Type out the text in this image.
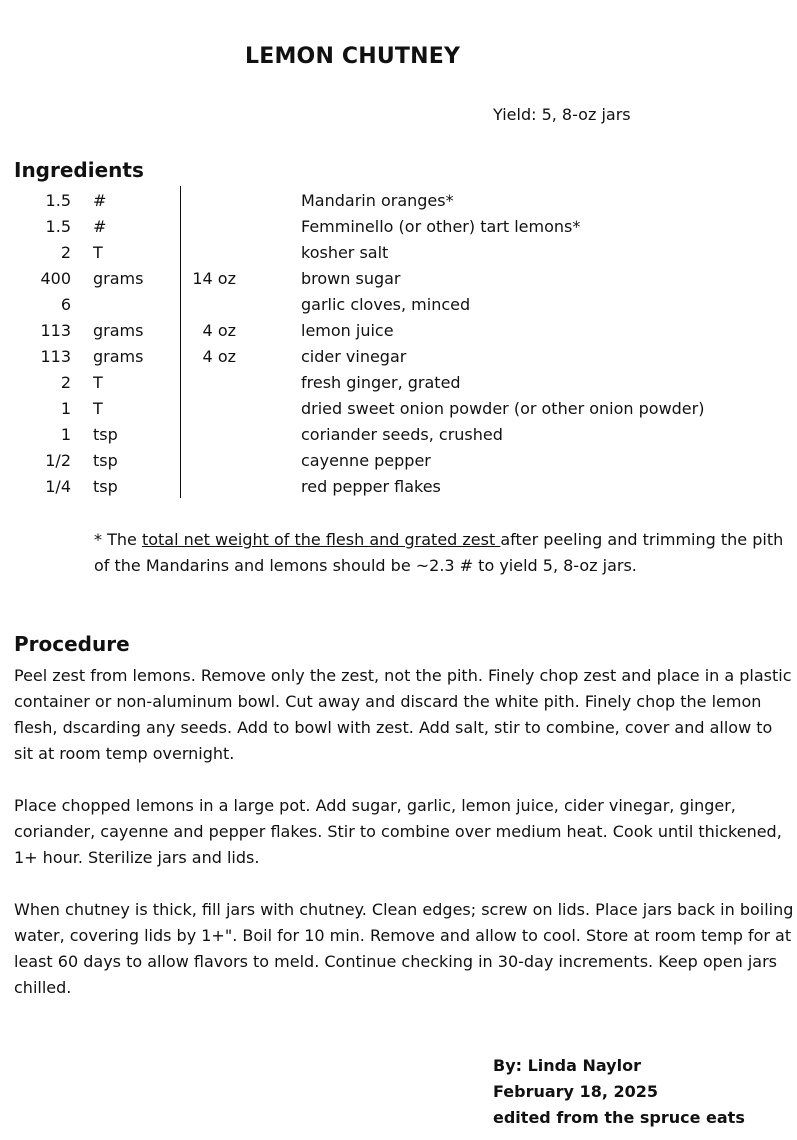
LEMON CHUTNEY
Yield: 5, 8-oz jars
Ingredients
1.5 #	Mandarin oranges*
1.5 #	Femminello (or other) tart lemons*
2 T	kosher salt
400 grams	14 oz	brown sugar
6	garlic cloves, minced
113 grams	4 oz	lemon juice
113 grams	4 oz	cider vinegar
2 T	fresh ginger, grated
1 T	dried sweet onion powder (or other onion powder)
1 tsp	coriander seeds, crushed
1/2 tsp	cayenne pepper
1/4 tsp	red pepper flakes
* The total net weight of the flesh and grated zest after peeling and trimming the pith of the Mandarins and lemons should be ~2.3 # to yield 5, 8-oz jars.
Procedure

Peel zest from lemons. Remove only the zest, not the pith. Finely chop zest and place in a plastic container or non-aluminum bowl. Cut away and discard the white pith. Finely chop the lemon flesh, dscarding any seeds. Add to bowl with zest. Add salt, stir to combine, cover and allow to sit at room temp overnight.

Place chopped lemons in a large pot. Add sugar, garlic, lemon juice, cider vinegar, ginger, coriander, cayenne and pepper flakes. Stir to combine over medium heat. Cook until thickened, 1+ hour. Sterilize jars and lids.

When chutney is thick, fill jars with chutney. Clean edges; screw on lids. Place jars back in boiling water, covering lids by 1+". Boil for 10 min. Remove and allow to cool. Store at room temp for at least 60 days to allow flavors to meld. Continue checking in 30-day increments. Keep open jars chilled.

By: Linda Naylor
February 18, 2025
edited from the spruce eats
